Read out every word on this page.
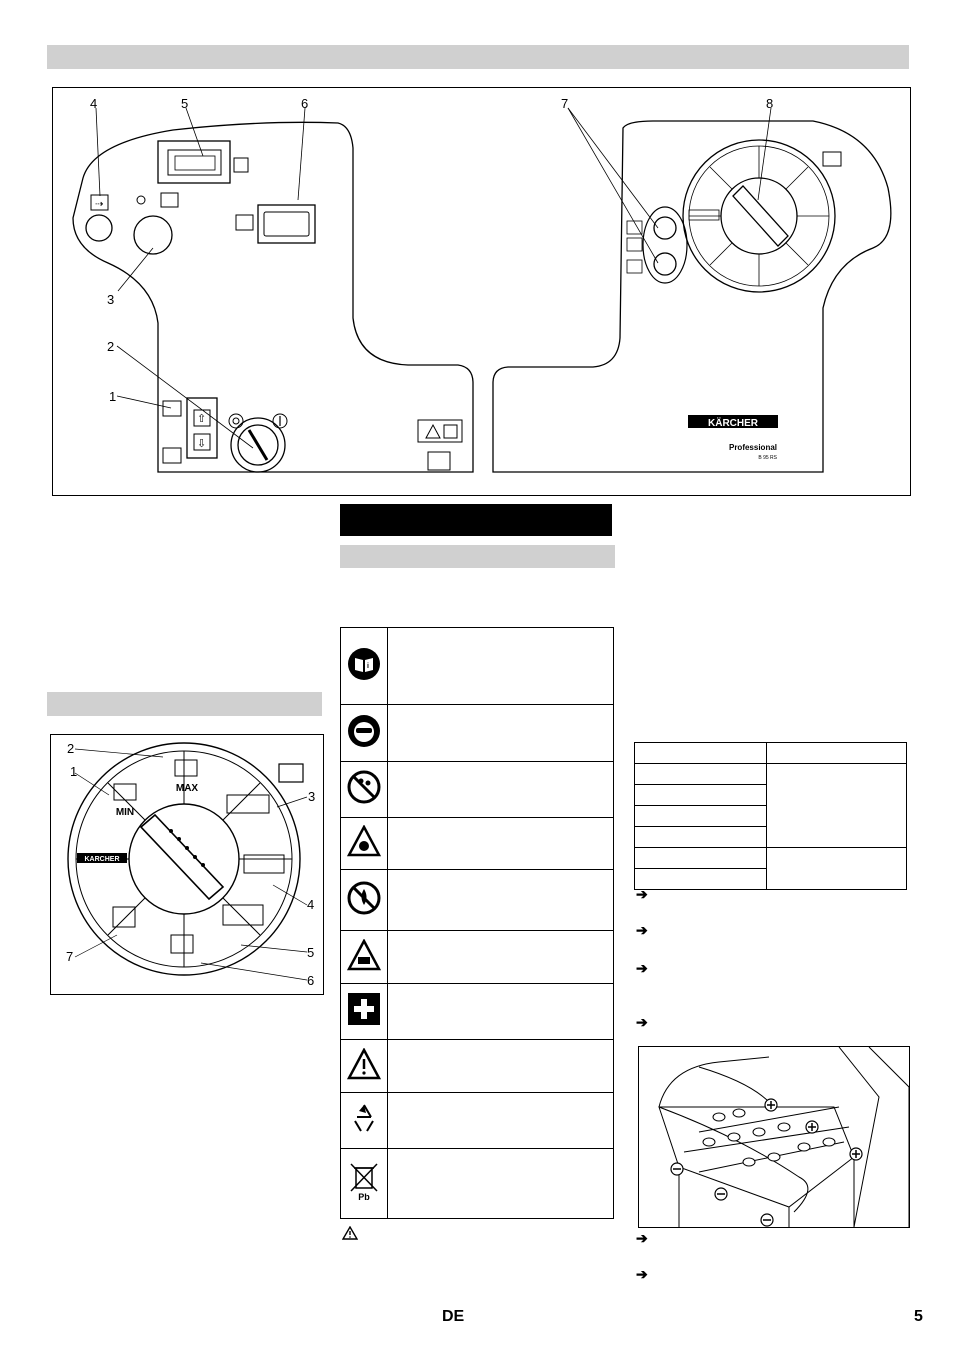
⇢
⇧
⇩
KÄRCHER
Professional
B 95 RS
4	5	6	7	8
3
2
1
KARCHER
MIN
MAX
2
1
3
4
5
6
7
i	

Pb	

➔
➔
➔
➔
➔
➔
DE	5
